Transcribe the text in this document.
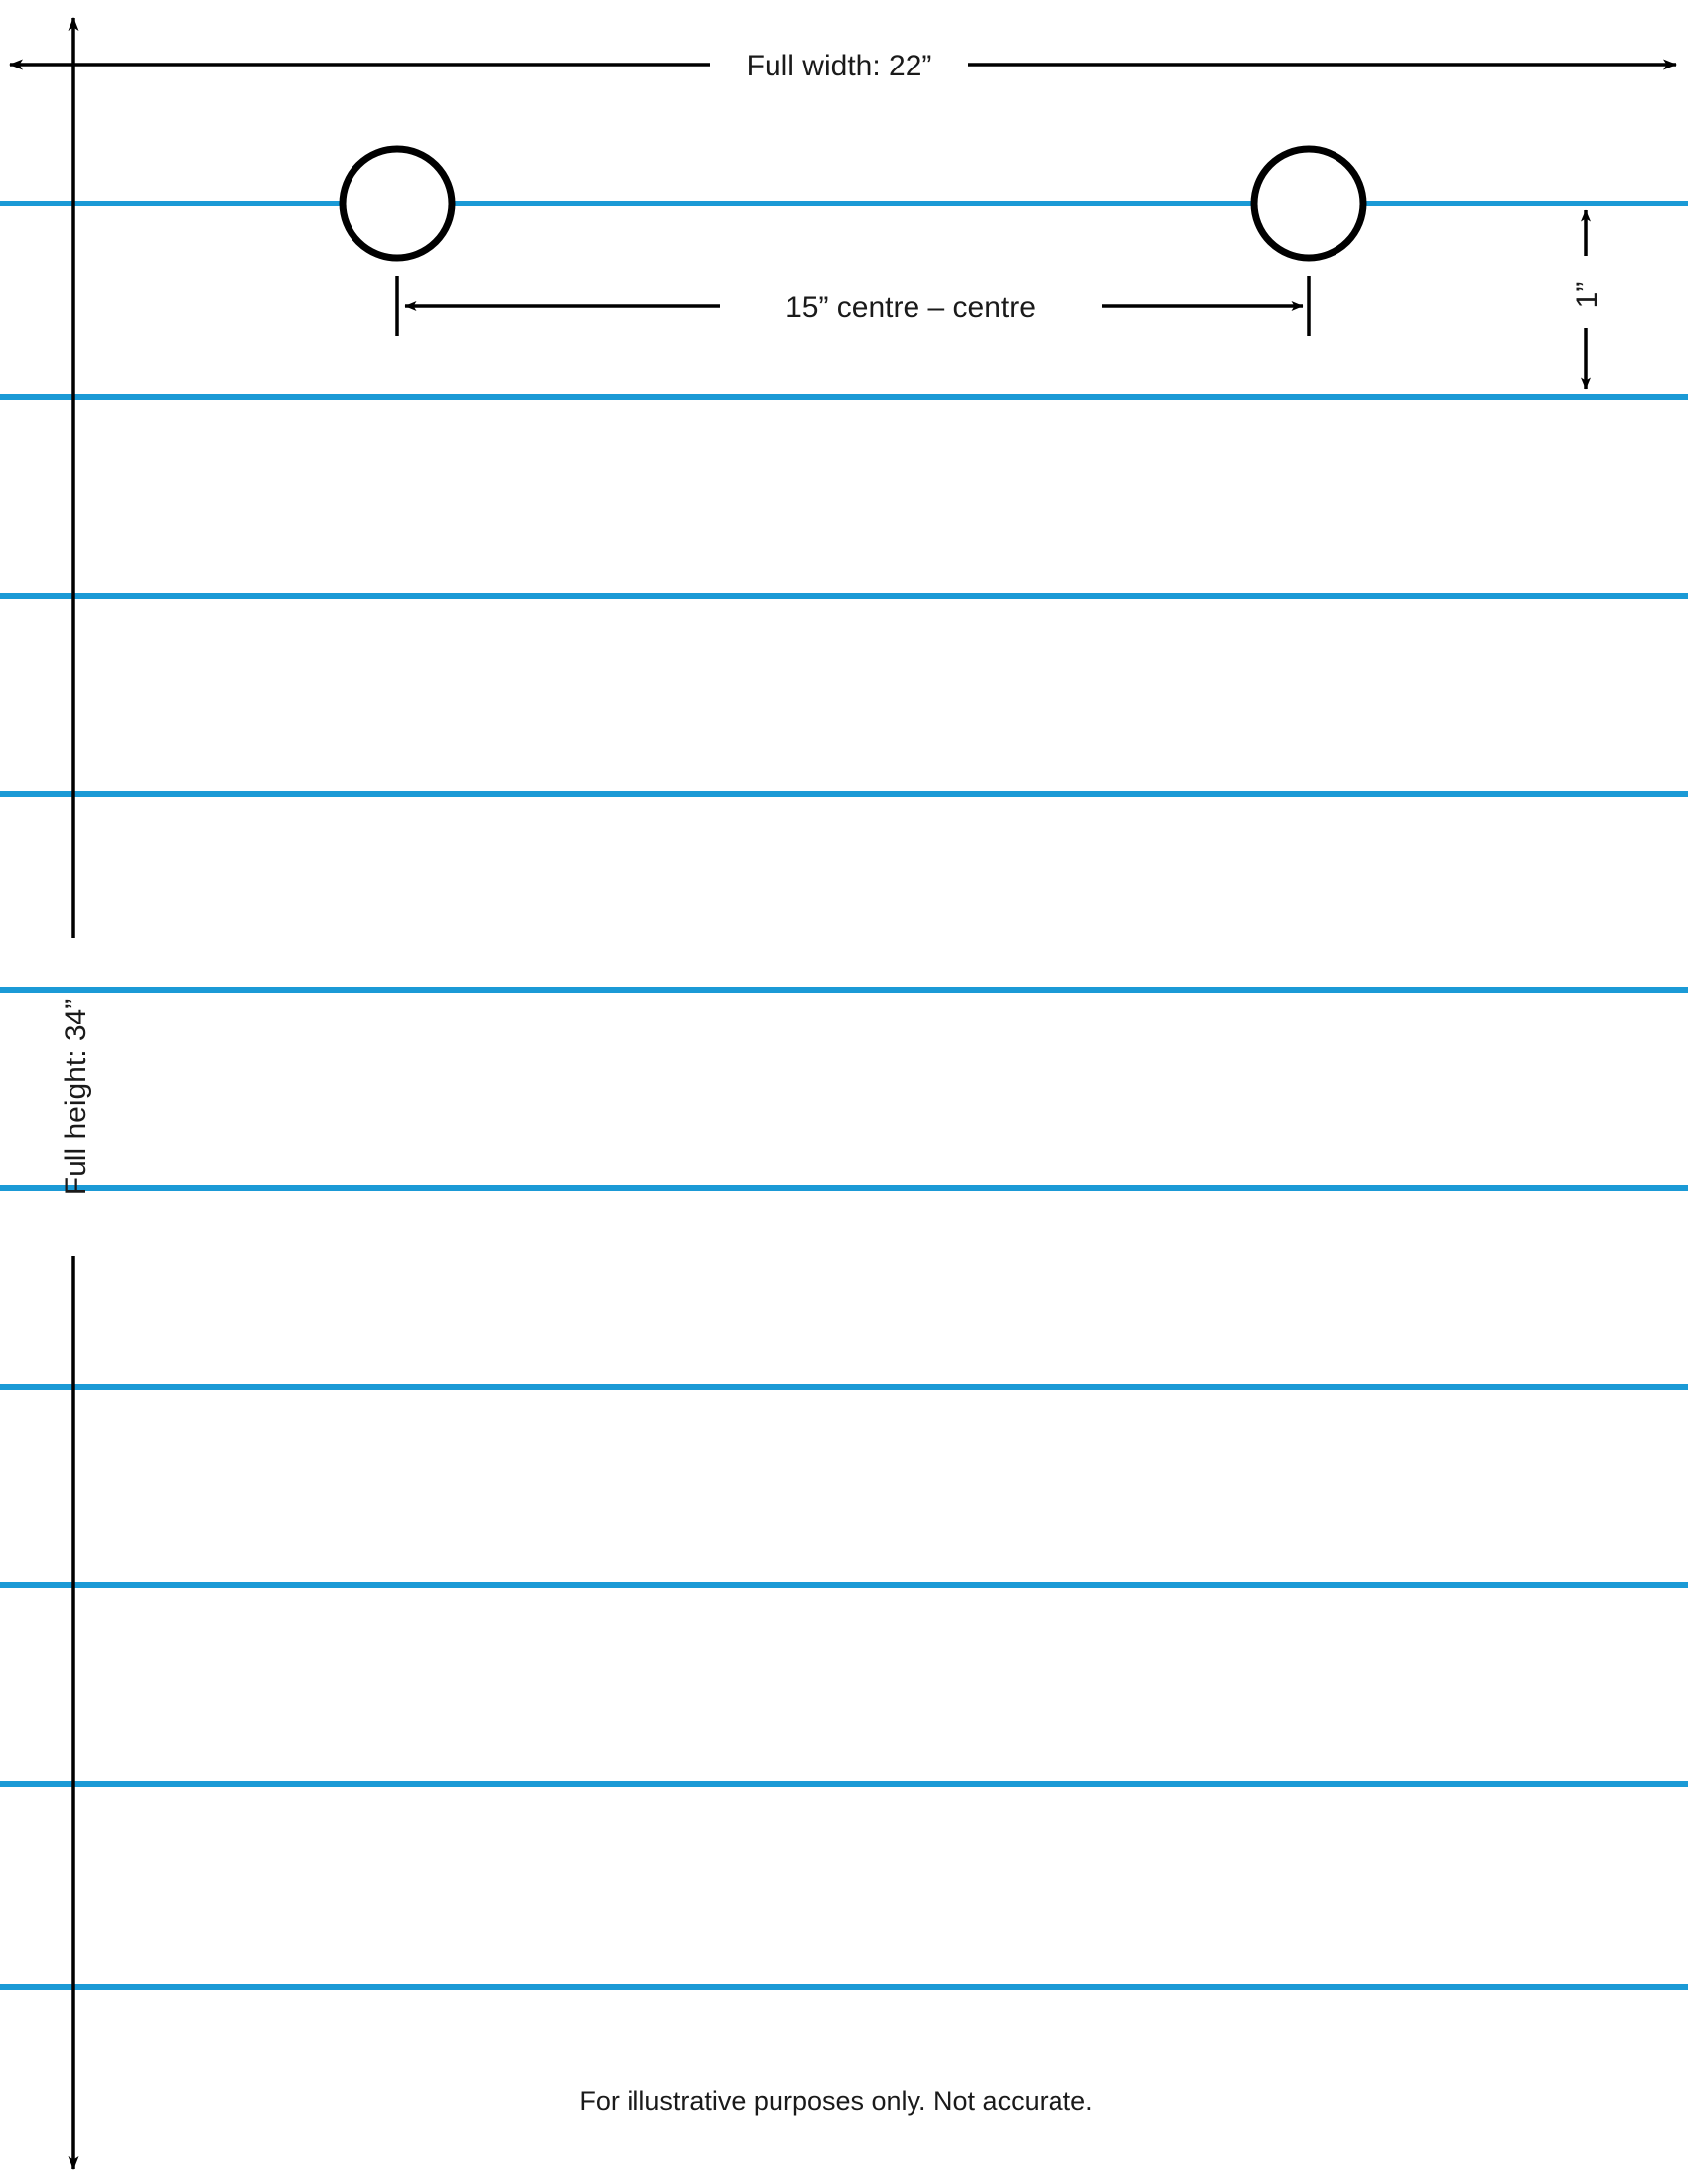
Full width: 22”
Full height: 34”
15” centre – centre	1”
For illustrative purposes only. Not accurate.
